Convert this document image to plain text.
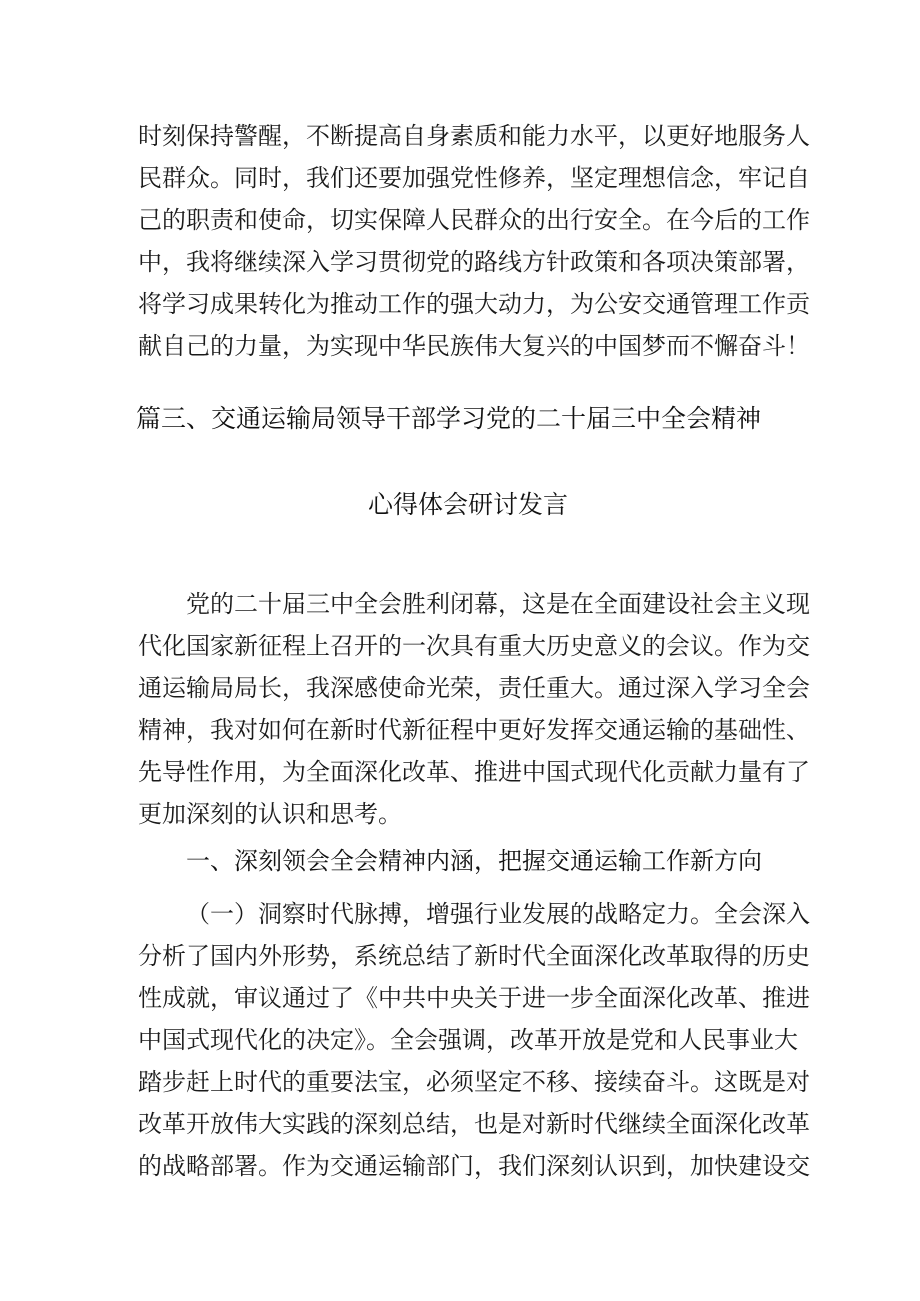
时刻保持警醒，不断提高自身素质和能力水平，以更好地服务人
民群众。同时，我们还要加强党性修养，坚定理想信念，牢记自
己的职责和使命，切实保障人民群众的出行安全。在今后的工作
中，我将继续深入学习贯彻党的路线方针政策和各项决策部署，
将学习成果转化为推动工作的强大动力，为公安交通管理工作贡
献自己的力量，为实现中华民族伟大复兴的中国梦而不懈奋斗！
篇三、交通运输局领导干部学习党的二十届三中全会精神
心得体会研讨发言
党的二十届三中全会胜利闭幕，这是在全面建设社会主义现
代化国家新征程上召开的一次具有重大历史意义的会议。作为交
通运输局局长，我深感使命光荣，责任重大。通过深入学习全会
精神，我对如何在新时代新征程中更好发挥交通运输的基础性、
先导性作用，为全面深化改革、推进中国式现代化贡献力量有了
更加深刻的认识和思考。
一、深刻领会全会精神内涵，把握交通运输工作新方向
（一）洞察时代脉搏，增强行业发展的战略定力。全会深入
分析了国内外形势，系统总结了新时代全面深化改革取得的历史
性成就，审议通过了《中共中央关于进一步全面深化改革、推进
中国式现代化的决定》。全会强调，改革开放是党和人民事业大
踏步赶上时代的重要法宝，必须坚定不移、接续奋斗。这既是对
改革开放伟大实践的深刻总结，也是对新时代继续全面深化改革
的战略部署。作为交通运输部门，我们深刻认识到，加快建设交
